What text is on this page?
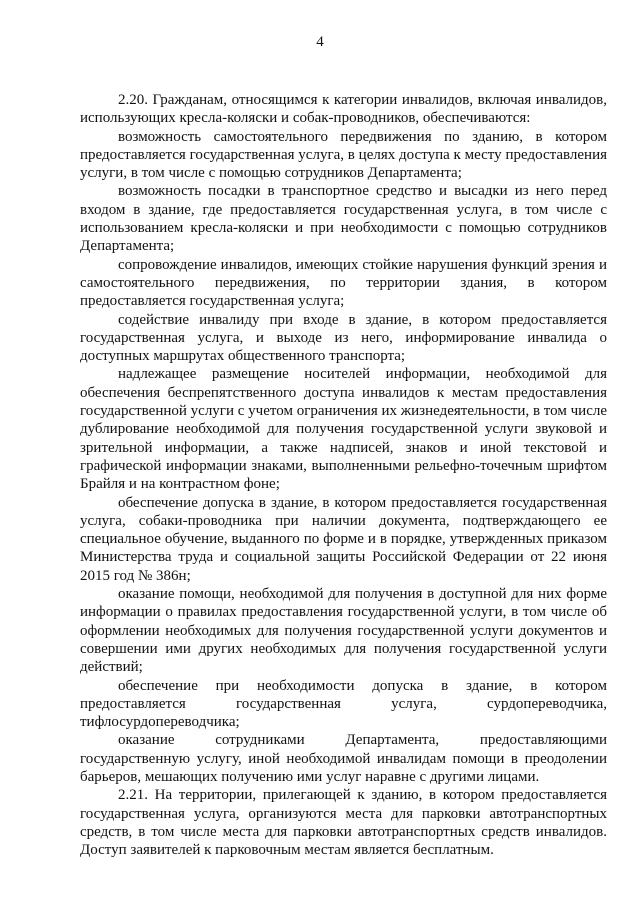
4

2.20. Гражданам, относящимся к категории инвалидов, включая инвалидов, использующих кресла-коляски и собак-проводников, обеспечиваются:

возможность самостоятельного передвижения по зданию, в котором предоставляется государственная услуга, в целях доступа к месту предоставления услуги, в том числе с помощью сотрудников Департамента;

возможность посадки в транспортное средство и высадки из него перед входом в здание, где предоставляется государственная услуга, в том числе с использованием кресла-коляски и при необходимости с помощью сотрудников Департамента;

сопровождение инвалидов, имеющих стойкие нарушения функций зрения и самостоятельного передвижения, по территории здания, в котором предоставляется государственная услуга;

содействие инвалиду при входе в здание, в котором предоставляется государственная услуга, и выходе из него, информирование инвалида о доступных маршрутах общественного транспорта;

надлежащее размещение носителей информации, необходимой для обеспечения беспрепятственного доступа инвалидов к местам предоставления государственной услуги с учетом ограничения их жизнедеятельности, в том числе дублирование необходимой для получения государственной услуги звуковой и зрительной информации, а также надписей, знаков и иной текстовой и графической информации знаками, выполненными рельефно-точечным шрифтом Брайля и на контрастном фоне;

обеспечение допуска в здание, в котором предоставляется государственная услуга, собаки-проводника при наличии документа, подтверждающего ее специальное обучение, выданного по форме и в порядке, утвержденных приказом Министерства труда и социальной защиты Российской Федерации от 22 июня 2015 год № 386н;

оказание помощи, необходимой для получения в доступной для них форме информации о правилах предоставления государственной услуги, в том числе об оформлении необходимых для получения государственной услуги документов и совершении ими других необходимых для получения государственной услуги действий;

обеспечение при необходимости допуска в здание, в котором предоставляется государственная услуга, сурдопереводчика, тифлосурдопереводчика;

оказание сотрудниками Департамента, предоставляющими государственную услугу, иной необходимой инвалидам помощи в преодолении барьеров, мешающих получению ими услуг наравне с другими лицами.

2.21. На территории, прилегающей к зданию, в котором предоставляется государственная услуга, организуются места для парковки автотранспортных средств, в том числе места для парковки автотранспортных средств инвалидов. Доступ заявителей к парковочным местам является бесплатным.
